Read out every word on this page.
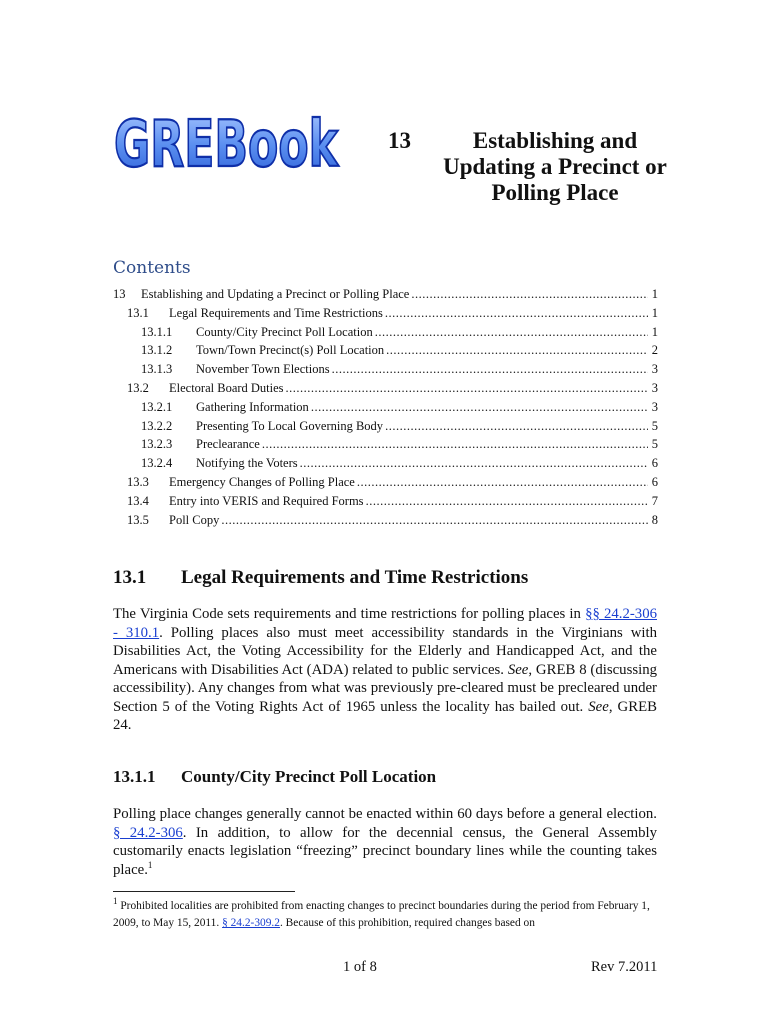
GREBook 13	Establishing and
Updating a Precinct or
Polling Place
Contents
13	Establishing and Updating a Precinct or Polling Place .....	1
13.1	Legal Requirements and Time Restrictions .....	1
13.1.1	County/City Precinct Poll Location .....	1
13.1.2	Town/Town Precinct(s) Poll Location .....	2
13.1.3	November Town Elections .....	3
13.2	Electoral Board Duties .....	3
13.2.1	Gathering Information .....	3
13.2.2	Presenting To Local Governing Body .....	5
13.2.3	Preclearance .....	5
13.2.4	Notifying the Voters .....	6
13.3	Emergency Changes of Polling Place .....	6
13.4	Entry into VERIS and Required Forms .....	7
13.5	Poll Copy .....	8
13.1 Legal Requirements and Time Restrictions
The Virginia Code sets requirements and time restrictions for polling places in §§ 24.2-306 - 310.1. Polling places also must meet accessibility standards in the Virginians with Disabilities Act, the Voting Accessibility for the Elderly and Handicapped Act, and the Americans with Disabilities Act (ADA) related to public services. See, GREB 8 (discussing accessibility). Any changes from what was previously pre-cleared must be precleared under Section 5 of the Voting Rights Act of 1965 unless the locality has bailed out. See, GREB 24.
13.1.1 County/City Precinct Poll Location
Polling place changes generally cannot be enacted within 60 days before a general election. § 24.2-306. In addition, to allow for the decennial census, the General Assembly customarily enacts legislation “freezing” precinct boundary lines while the counting takes place.$^1$
$^1$ Prohibited localities are prohibited from enacting changes to precinct boundaries during the period from February 1, 2009, to May 15, 2011. § 24.2-309.2. Because of this prohibition, required changes based on
1 of 8	Rev 7.2011
